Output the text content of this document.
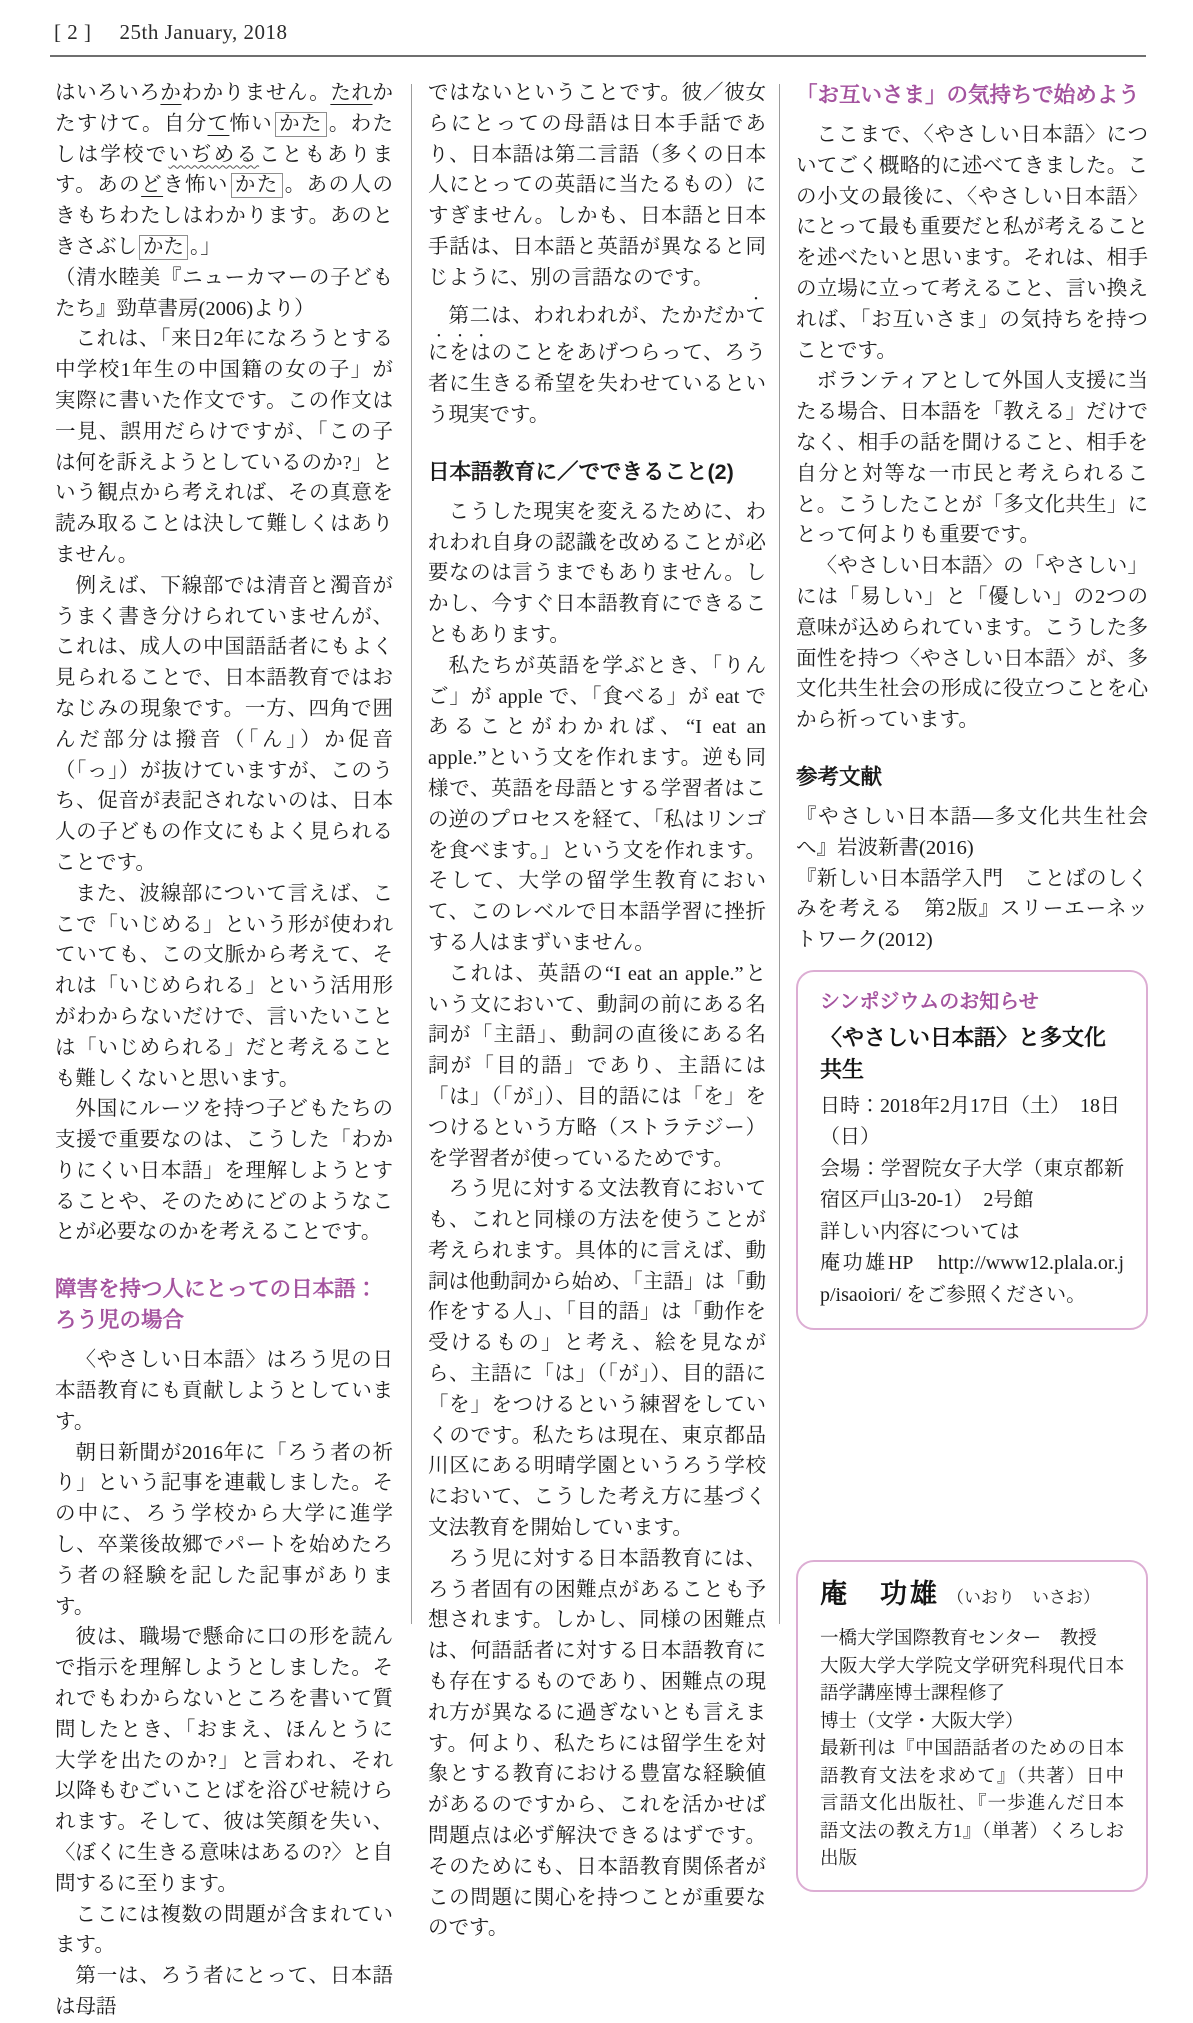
[ 2 ] 25th January, 2018

はいろいろかわかりません。たれかたすけて。自分て怖い かた 。わたしは学校でいぢめることもあります。あのどき怖い かた 。あの人のきもちわたしはわかります。あのときさぶし かた 。」

（清水睦美『ニューカマーの子どもたち』勁草書房(2006)より）

これは、「来日2年になろうとする中学校1年生の中国籍の女の子」が実際に書いた作文です。この作文は一見、誤用だらけですが、「この子は何を訴えようとしているのか?」という観点から考えれば、その真意を読み取ることは決して難しくはありません。

例えば、下線部では清音と濁音がうまく書き分けられていませんが、これは、成人の中国語話者にもよく見られることで、日本語教育ではおなじみの現象です。一方、四角で囲んだ部分は撥音（「ん」）か促音（「っ」）が抜けていますが、このうち、促音が表記されないのは、日本人の子どもの作文にもよく見られることです。

また、波線部について言えば、ここで「いじめる」という形が使われていても、この文脈から考えて、それは「いじめられる」という活用形がわからないだけで、言いたいことは「いじめられる」だと考えることも難しくないと思います。

外国にルーツを持つ子どもたちの支援で重要なのは、こうした「わかりにくい日本語」を理解しようとすることや、そのためにどのようなことが必要なのかを考えることです。

障害を持つ人にとっての日本語：ろう児の場合

〈やさしい日本語〉はろう児の日本語教育にも貢献しようとしています。

朝日新聞が2016年に「ろう者の祈り」という記事を連載しました。その中に、ろう学校から大学に進学し、卒業後故郷でパートを始めたろう者の経験を記した記事があります。

彼は、職場で懸命に口の形を読んで指示を理解しようとしました。それでもわからないところを書いて質問したとき、「おまえ、ほんとうに大学を出たのか?」と言われ、それ以降もむごいことばを浴びせ続けられます。そして、彼は笑顔を失い、〈ぼくに生きる意味はあるの?〉と自問するに至ります。

ここには複数の問題が含まれています。

第一は、ろう者にとって、日本語は母語

ではないということです。彼／彼女らにとっての母語は日本手話であり、日本語は第二言語（多くの日本人にとっての英語に当たるもの）にすぎません。しかも、日本語と日本手話は、日本語と英語が異なると同じように、別の言語なのです。

第二は、われわれが、たかだかてにをはのことをあげつらって、ろう者に生きる希望を失わせているという現実です。

日本語教育に／でできること(2)

こうした現実を変えるために、われわれ自身の認識を改めることが必要なのは言うまでもありません。しかし、今すぐ日本語教育にできることもあります。

私たちが英語を学ぶとき、「りんご」が apple で、「食べる」が eat であることがわかれば、“I eat an apple.”という文を作れます。逆も同様で、英語を母語とする学習者はこの逆のプロセスを経て、「私はリンゴを食べます。」という文を作れます。そして、大学の留学生教育において、このレベルで日本語学習に挫折する人はまずいません。

これは、英語の“I eat an apple.”という文において、動詞の前にある名詞が「主語」、動詞の直後にある名詞が「目的語」であり、主語には「は」（「が」）、目的語には「を」をつけるという方略（ストラテジー）を学習者が使っているためです。

ろう児に対する文法教育においても、これと同様の方法を使うことが考えられます。具体的に言えば、動詞は他動詞から始め、「主語」は「動作をする人」、「目的語」は「動作を受けるもの」と考え、絵を見ながら、主語に「は」（「が」）、目的語に「を」をつけるという練習をしていくのです。私たちは現在、東京都品川区にある明晴学園というろう学校において、こうした考え方に基づく文法教育を開始しています。

ろう児に対する日本語教育には、ろう者固有の困難点があることも予想されます。しかし、同様の困難点は、何語話者に対する日本語教育にも存在するものであり、困難点の現れ方が異なるに過ぎないとも言えます。何より、私たちには留学生を対象とする教育における豊富な経験値があるのですから、これを活かせば問題点は必ず解決できるはずです。そのためにも、日本語教育関係者がこの問題に関心を持つことが重要なのです。

「お互いさま」の気持ちで始めよう

ここまで、〈やさしい日本語〉についてごく概略的に述べてきました。この小文の最後に、〈やさしい日本語〉にとって最も重要だと私が考えることを述べたいと思います。それは、相手の立場に立って考えること、言い換えれば、「お互いさま」の気持ちを持つことです。

ボランティアとして外国人支援に当たる場合、日本語を「教える」だけでなく、相手の話を聞けること、相手を自分と対等な一市民と考えられること。こうしたことが「多文化共生」にとって何よりも重要です。

〈やさしい日本語〉の「やさしい」には「易しい」と「優しい」の2つの意味が込められています。こうした多面性を持つ〈やさしい日本語〉が、多文化共生社会の形成に役立つことを心から祈っています。

参考文献

『やさしい日本語―多文化共生社会へ』岩波新書(2016)

『新しい日本語学入門　ことばのしくみを考える　第2版』スリーエーネットワーク(2012)

シンポジウムのお知らせ
〈やさしい日本語〉と多文化共生

日時：2018年2月17日（土）　18日（日）

会場：学習院女子大学（東京都新宿区戸山3-20-1）　2号館

詳しい内容については

庵功雄HP　http://www12.plala.or.jp/isaoiori/ をご参照ください。

庵　功雄 （いおり　いさお）

一橋大学国際教育センター　教授

大阪大学大学院文学研究科現代日本語学講座博士課程修了

博士（文学・大阪大学）

最新刊は『中国語話者のための日本語教育文法を求めて』（共著）日中言語文化出版社、『一歩進んだ日本語文法の教え方1』（単著）くろしお出版
